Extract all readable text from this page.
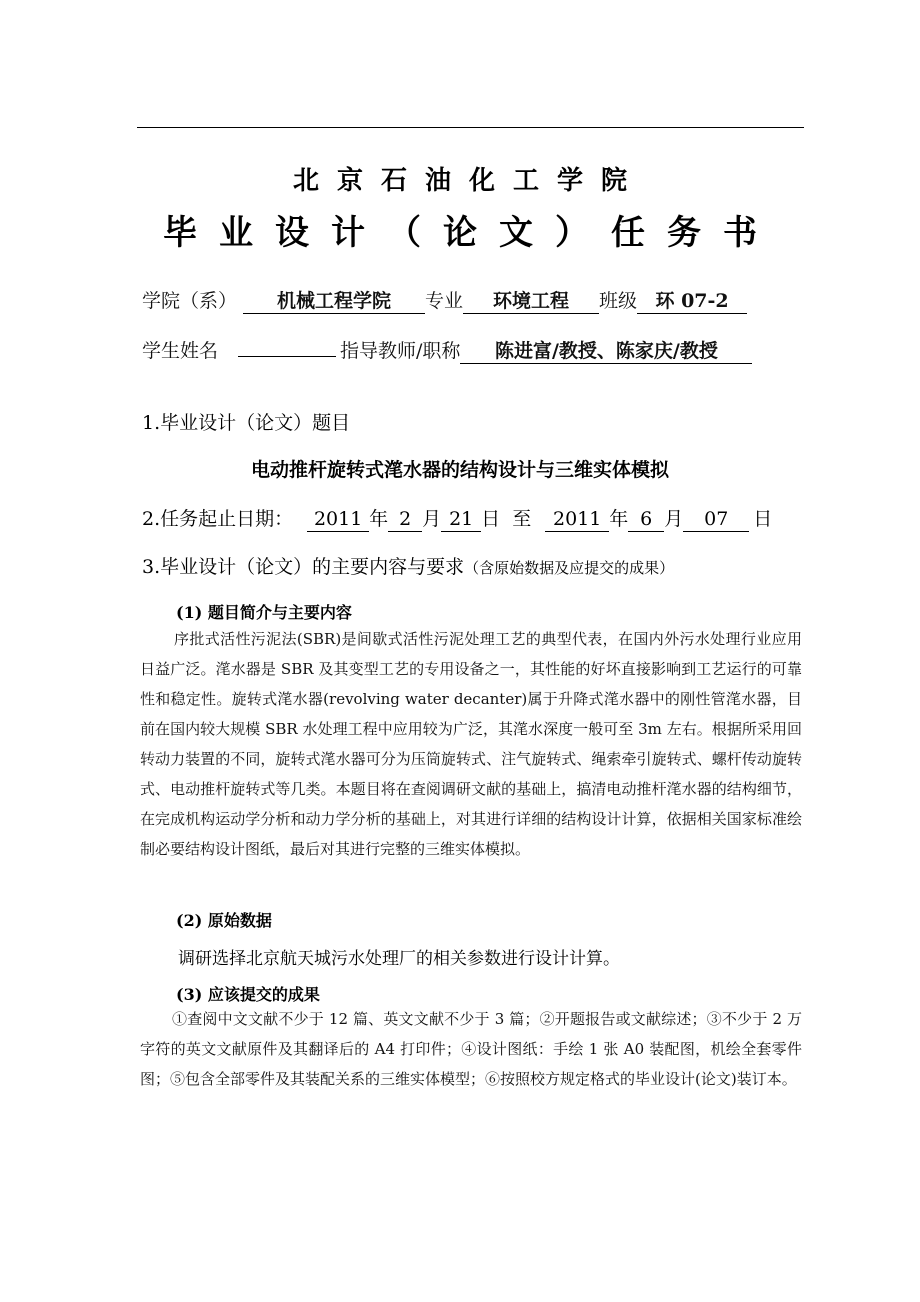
北京石油化工学院
毕业设计（论文）任务书
学院（系） 机械工程学院 专业 环境工程 班级 环 07-2
学生姓名	指导教师/职称 陈进富/教授、陈家庆/教授
1.毕业设计（论文）题目
电动推杆旋转式滗水器的结构设计与三维实体模拟
2.任务起止日期： 2011 年 2 月 21 日 至 2011 年 6 月 07 日
3.毕业设计（论文）的主要内容与要求（含原始数据及应提交的成果）
(1) 题目简介与主要内容

序批式活性污泥法(SBR)是间歇式活性污泥处理工艺的典型代表，在国内外污水处理行业应用日益广泛。滗水器是 SBR 及其变型工艺的专用设备之一，其性能的好坏直接影响到工艺运行的可靠性和稳定性。旋转式滗水器(revolving water decanter)属于升降式滗水器中的刚性管滗水器，目前在国内较大规模 SBR 水处理工程中应用较为广泛，其滗水深度一般可至 3m 左右。根据所采用回转动力装置的不同，旋转式滗水器可分为压筒旋转式、注气旋转式、绳索牵引旋转式、螺杆传动旋转式、电动推杆旋转式等几类。本题目将在查阅调研文献的基础上，搞清电动推杆滗水器的结构细节，在完成机构运动学分析和动力学分析的基础上，对其进行详细的结构设计计算，依据相关国家标准绘制必要结构设计图纸，最后对其进行完整的三维实体模拟。

(2) 原始数据
调研选择北京航天城污水处理厂的相关参数进行设计计算。
(3) 应该提交的成果

①查阅中文文献不少于 12 篇、英文文献不少于 3 篇；②开题报告或文献综述；③不少于 2 万字符的英文文献原件及其翻译后的 A4 打印件；④设计图纸：手绘 1 张 A0 装配图，机绘全套零件图；⑤包含全部零件及其装配关系的三维实体模型；⑥按照校方规定格式的毕业设计(论文)装订本。
